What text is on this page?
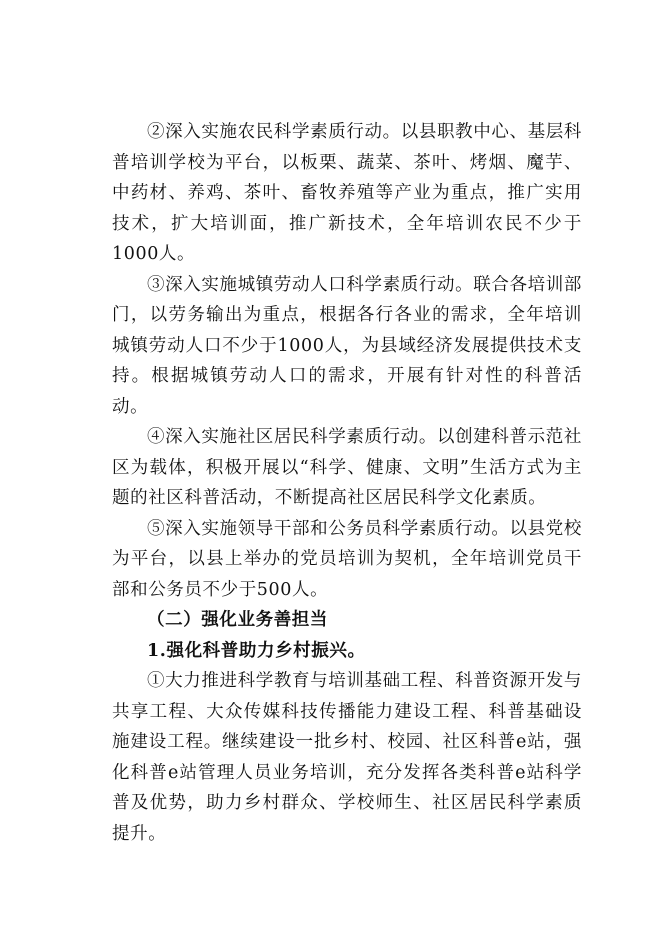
②深入实施农民科学素质行动。以县职教中心、基层科普培训学校为平台，以板栗、蔬菜、茶叶、烤烟、魔芋、中药材、养鸡、茶叶、畜牧养殖等产业为重点，推广实用技术，扩大培训面，推广新技术，全年培训农民不少于1000人。

③深入实施城镇劳动人口科学素质行动。联合各培训部门，以劳务输出为重点，根据各行各业的需求，全年培训城镇劳动人口不少于1000人，为县域经济发展提供技术支持。根据城镇劳动人口的需求，开展有针对性的科普活动。

④深入实施社区居民科学素质行动。以创建科普示范社区为载体，积极开展以“科学、健康、文明”生活方式为主题的社区科普活动，不断提高社区居民科学文化素质。

⑤深入实施领导干部和公务员科学素质行动。以县党校为平台，以县上举办的党员培训为契机，全年培训党员干部和公务员不少于500人。

（二）强化业务善担当

1.强化科普助力乡村振兴。

①大力推进科学教育与培训基础工程、科普资源开发与共享工程、大众传媒科技传播能力建设工程、科普基础设施建设工程。继续建设一批乡村、校园、社区科普e站，强化科普e站管理人员业务培训，充分发挥各类科普e站科学普及优势，助力乡村群众、学校师生、社区居民科学素质提升。
